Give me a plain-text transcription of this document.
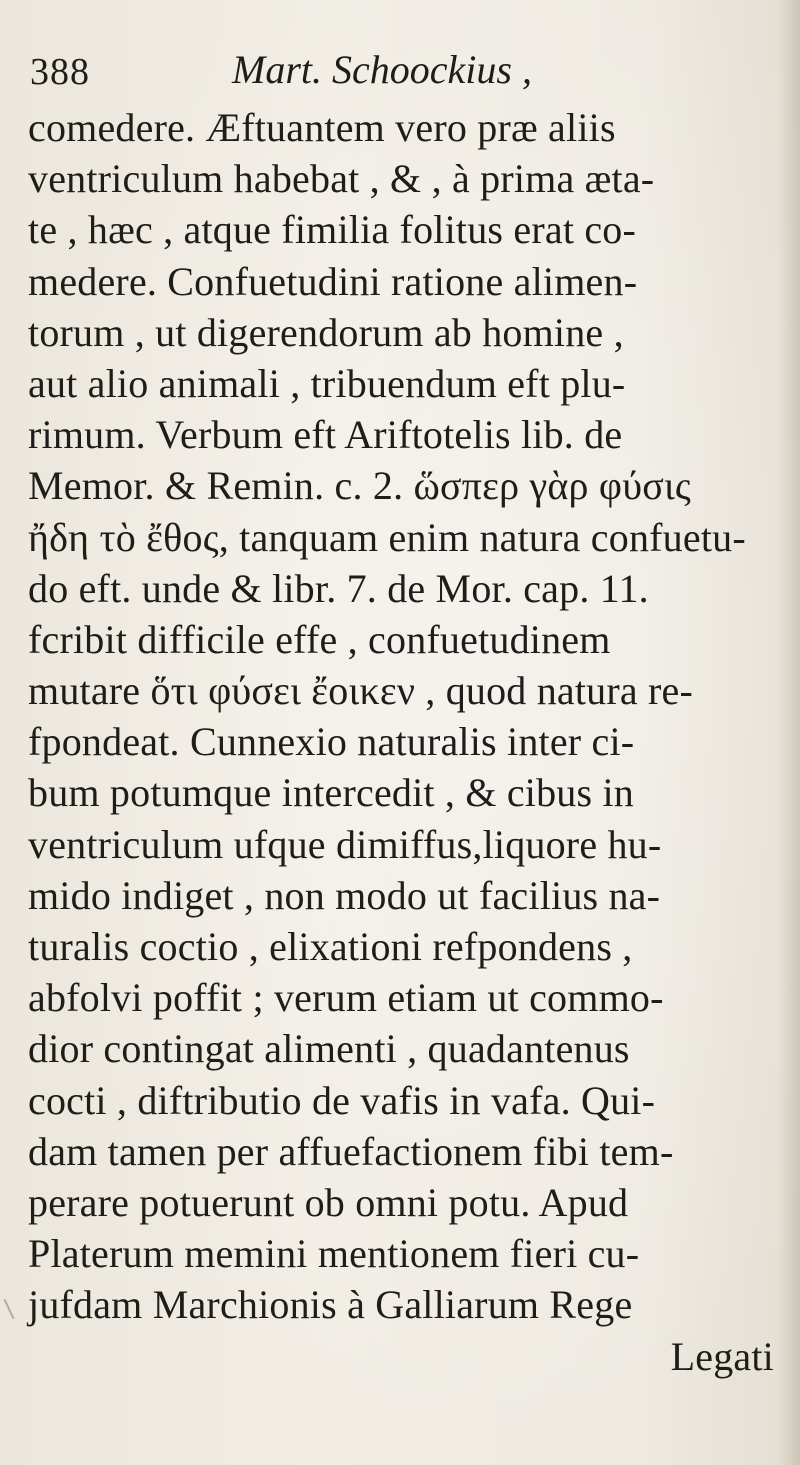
388	Mart. Schoockius ,
comedere. Æftuantem vero præ aliis
ventriculum habebat , & , à prima æta-
te , hæc , atque fimilia folitus erat co-
medere. Confuetudini ratione alimen-
torum , ut digerendorum ab homine ,
aut alio animali , tribuendum eft plu-
rimum. Verbum eft Ariftotelis lib. de
Memor. & Remin. c. 2. ὥσπερ γὰρ φύσις
ἤδη τὸ ἔθος, tanquam enim natura confuetu-
do eft. unde & libr. 7. de Mor. cap. 11.
fcribit difficile effe , confuetudinem
mutare ὅτι φύσει ἔοικεν , quod natura re-
fpondeat. Cunnexio naturalis inter ci-
bum potumque intercedit , & cibus in
ventriculum ufque dimiffus,liquore hu-
mido indiget , non modo ut facilius na-
turalis coctio , elixationi refpondens ,
abfolvi poffit ; verum etiam ut commo-
dior contingat alimenti , quadantenus
cocti , diftributio de vafis in vafa. Qui-
dam tamen per affuefactionem fibi tem-
perare potuerunt ob omni potu. Apud
Platerum memini mentionem fieri cu-
jufdam Marchionis à Galliarum Rege
Legati
